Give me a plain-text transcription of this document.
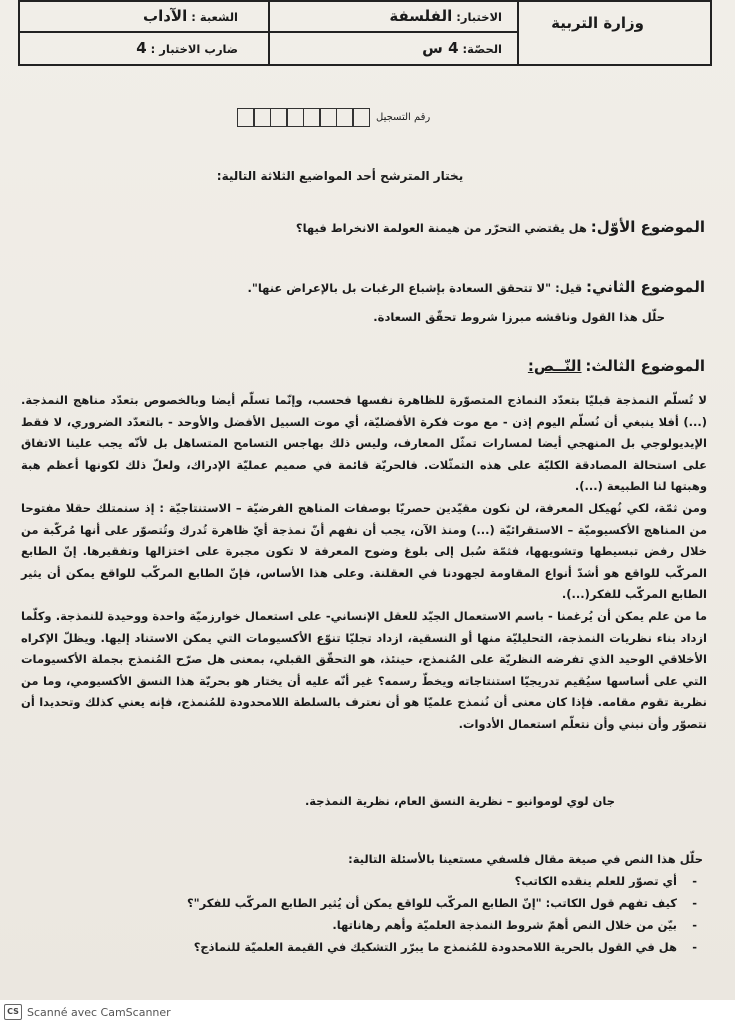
وزارة التربية
الاختبار: الفلسفة
الشعبة : الآداب
الحصّة: 4 س
ضارب الاختبار : 4
رقم التسجيل
يختار المترشح أحد المواضيع الثلاثة التالية:
الموضوع الأوّل: هل يقتضي التحرّر من هيمنة العولمة الانخراط فيها؟
الموضوع الثاني: قيل: "لا تتحقق السعادة بإشباع الرغبات بل بالإعراض عنها".
حلّل هذا القول وناقشه مبرزا شروط تحقّق السعادة.
الموضوع الثالث: النّــص:

لا تُسلّم النمذجة قبليّا بتعدّد النماذج المتصوّرة للظاهرة نفسها فحسب، وإنّما تسلّم أيضا وبالخصوص بتعدّد مناهج النمذجة. (...) أفلا ينبغي أن نُسلّم اليوم إذن - مع موت فكرة الأفضليّة، أي موت السبيل الأفضل والأوحد - بالتعدّد الضروري، لا فقط الإيديولوجي بل المنهجي أيضا لمسارات تمثّل المعارف، وليس ذلك بهاجس التسامح المتساهل بل لأنّه يجب علينا الاتفاق على استحالة المصادقة الكليّة على هذه التمثّلات. فالحريّة قائمة في صميم عمليّة الإدراك، ولعلّ ذلك لكونها أعظم هبة وهبتها لنا الطبيعة (...).

ومن ثمّة، لكي نُهيكل المعرفة، لن نكون مقيّدين حصريّا بوصفات المناهج الفرضيّة – الاستنتاجيّة : إذ سنمتلك حقلا مفتوحا من المناهج الأكسيوميّة – الاستقرائيّة (...) ومنذ الآن، يجب أن نفهم أنّ نمذجة أيّ ظاهرة تُدرك وتُتصوّر على أنها مُركّبة من خلال رفض تبسيطها وتشويهها، فثمّة سُبل إلى بلوغ وضوح المعرفة لا تكون مجبرة على اختزالها وتفقيرها. إنّ الطابع المركّب للواقع هو أشدّ أنواع المقاومة لجهودنا في العقلنة. وعلى هذا الأساس، فإنّ الطابع المركّب للواقع يمكن أن يثير الطابع المركّب للفكر(...).

ما من علم يمكن أن يُرغمنا - باسم الاستعمال الجيّد للعقل الإنساني- على استعمال خوارزميّة واحدة ووحيدة للنمذجة. وكلّما ازداد بناء نظريات النمذجة، التحليليّة منها أو النسقية، ازداد تجليّا تنوّع الأكسيومات التي يمكن الاستناد إليها. ويظلّ الإكراه الأخلاقي الوحيد الذي تفرضه النظريّة على المُنمذج، حينئذ، هو التحقّق القبلي، بمعنى هل صرّح المُنمذج بجملة الأكسيومات التي على أساسها سيُقيم تدريجيّا استنتاجاته ويخطّ رسمه؟ غير أنّه عليه أن يختار هو بحريّة هذا النسق الأكسيومي، وما من نظرية تقوم مقامه. فإذا كان معنى أن نُنمذج علميّا هو أن نعترف بالسلطة اللامحدودة للمُنمذج، فإنه يعني كذلك وتحديدا أن نتصوّر وأن نبني وأن نتعلّم استعمال الأدوات.

جان لوي لوموانيو – نظرية النسق العام، نظرية النمذجة.
حلّل هذا النص في صيغة مقال فلسفي مستعينا بالأسئلة التالية:
- أي تصوّر للعلم ينقده الكاتب؟
- كيف تفهم قول الكاتب: "إنّ الطابع المركّب للواقع يمكن أن يُثير الطابع المركّب للفكر"؟
- بيّن من خلال النص أهمّ شروط النمذجة العلميّة وأهم رهاناتها.
- هل في القول بالحرية اللامحدودة للمُنمذج ما يبرّر التشكيك في القيمة العلميّة للنماذج؟
CS Scanné avec CamScanner
